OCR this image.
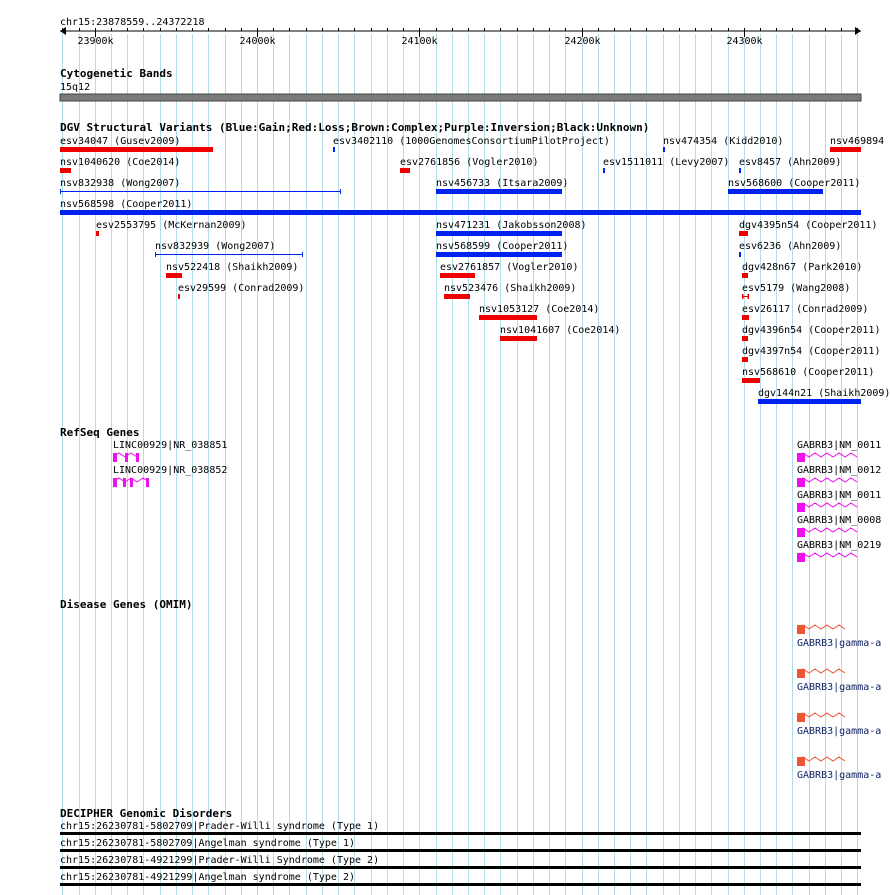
chr15:23878559..24372218
23900k	24000k	24100k	24200k	24300k
Cytogenetic Bands
15q12
DGV Structural Variants (Blue:Gain;Red:Loss;Brown:Complex;Purple:Inversion;Black:Unknown)
esv34047 (Gusev2009)	esv3402110 (1000GenomesConsortiumPilotProject)	nsv474354 (Kidd2010)	nsv469894
nsv1040620 (Coe2014)	esv2761856 (Vogler2010)	esv1511011 (Levy2007) esv8457 (Ahn2009)
nsv832938 (Wong2007)	nsv456733 (Itsara2009)	nsv568600 (Cooper2011)
nsv568598 (Cooper2011)
esv2553795 (McKernan2009)	nsv471231 (Jakobsson2008)	dgv4395n54 (Cooper2011)
nsv832939 (Wong2007)	nsv568599 (Cooper2011)	esv6236 (Ahn2009)
nsv522418 (Shaikh2009)	esv2761857 (Vogler2010)	dgv428n67 (Park2010)
esv29599 (Conrad2009)	nsv523476 (Shaikh2009)	esv5179 (Wang2008)
nsv1053127 (Coe2014)	esv26117 (Conrad2009)
nsv1041607 (Coe2014)	dgv4396n54 (Cooper2011)
dgv4397n54 (Cooper2011)
nsv568610 (Cooper2011)
dgv144n21 (Shaikh2009)
RefSeq Genes
LINC00929|NR_038851
LINC00929|NR_038852
GABRB3|NM_0011
GABRB3|NM_0012
GABRB3|NM_0011
GABRB3|NM_0008
GABRB3|NM_0219
Disease Genes (OMIM)
GABRB3|gamma-a
GABRB3|gamma-a
GABRB3|gamma-a
GABRB3|gamma-a
DECIPHER Genomic Disorders
chr15:26230781-5802709|Prader-Willi syndrome (Type 1)
chr15:26230781-5802709|Angelman syndrome (Type 1)
chr15:26230781-4921299|Prader-Willi Syndrome (Type 2)
chr15:26230781-4921299|Angelman syndrome (Type 2)
